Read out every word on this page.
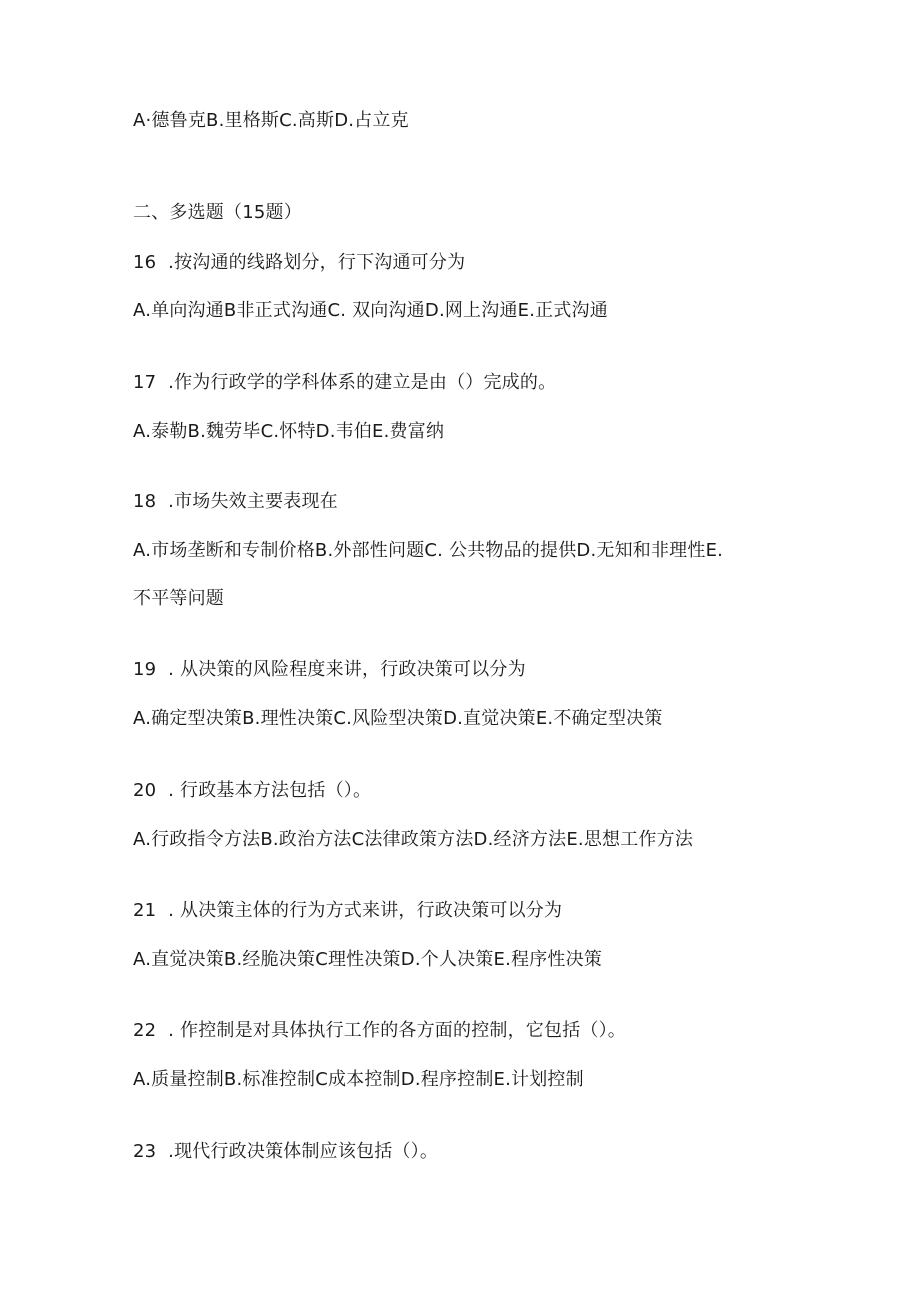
A·德鲁克B.里格斯C.高斯D.占立克
二、多选题（15题）
16  .按沟通的线路划分，行下沟通可分为
A.单向沟通B非正式沟通C. 双向沟通D.网上沟通E.正式沟通
17  .作为行政学的学科体系的建立是由（）完成的。
A.泰勒B.魏劳毕C.怀特D.韦伯E.费富纳
18  .市场失效主要表现在
A.市场垄断和专制价格B.外部性问题C. 公共物品的提供D.无知和非理性E.
不平等问题
19  . 从决策的风险程度来讲，行政决策可以分为
A.确定型决策B.理性决策C.风险型决策D.直觉决策E.不确定型决策
20  . 行政基本方法包括（）。
A.行政指令方法B.政治方法C法律政策方法D.经济方法E.思想工作方法
21  . 从决策主体的行为方式来讲，行政决策可以分为
A.直觉决策B.经脆决策C理性决策D.个人决策E.程序性决策
22  . 作控制是对具体执行工作的各方面的控制，它包括（）。
A.质量控制B.标准控制C成本控制D.程序控制E.计划控制
23  .现代行政决策体制应该包括（）。
